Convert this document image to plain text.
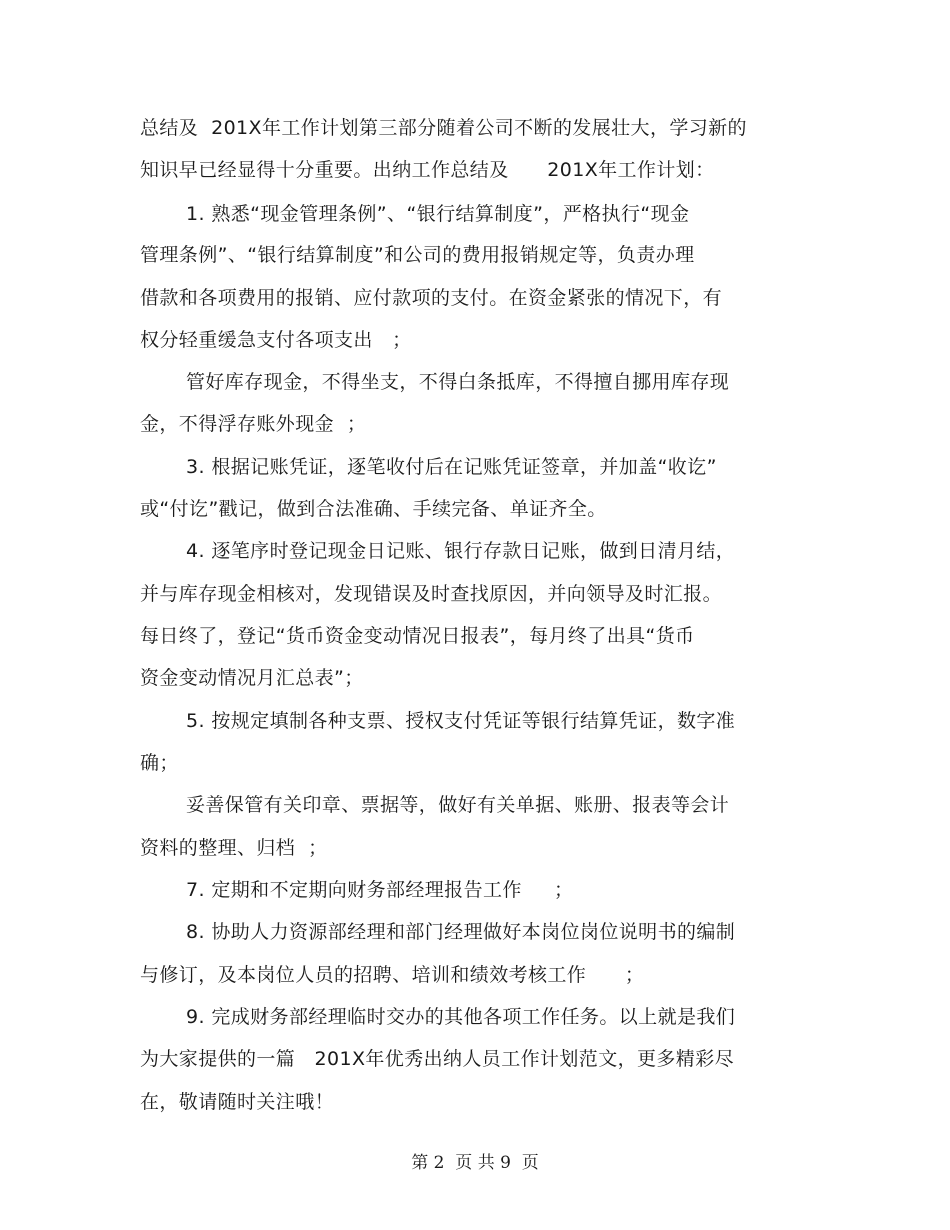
总结及  201X年工作计划第三部分随着公司不断的发展壮大，学习新的
知识早已经显得十分重要。出纳工作总结及      201X年工作计划：
1. 熟悉“现金管理条例”、“银行结算制度”，严格执行“现金
管理条例”、“银行结算制度”和公司的费用报销规定等，负责办理
借款和各项费用的报销、应付款项的支付。在资金紧张的情况下，有
权分轻重缓急支付各项支出   ；
管好库存现金，不得坐支，不得白条抵库，不得擅自挪用库存现
金，不得浮存账外现金  ；
3. 根据记账凭证，逐笔收付后在记账凭证签章，并加盖“收讫”
或“付讫”戳记，做到合法准确、手续完备、单证齐全。
4. 逐笔序时登记现金日记账、银行存款日记账，做到日清月结，
并与库存现金相核对，发现错误及时查找原因，并向领导及时汇报。
每日终了，登记“货币资金变动情况日报表”，每月终了出具“货币
资金变动情况月汇总表”；
5. 按规定填制各种支票、授权支付凭证等银行结算凭证，数字准
确；
妥善保管有关印章、票据等，做好有关单据、账册、报表等会计
资料的整理、归档  ；
7. 定期和不定期向财务部经理报告工作     ；
8. 协助人力资源部经理和部门经理做好本岗位岗位说明书的编制
与修订，及本岗位人员的招聘、培训和绩效考核工作      ；
9. 完成财务部经理临时交办的其他各项工作任务。以上就是我们
为大家提供的一篇   201X年优秀出纳人员工作计划范文，更多精彩尽
在，敬请随时关注哦！
第 2  页 共 9  页
